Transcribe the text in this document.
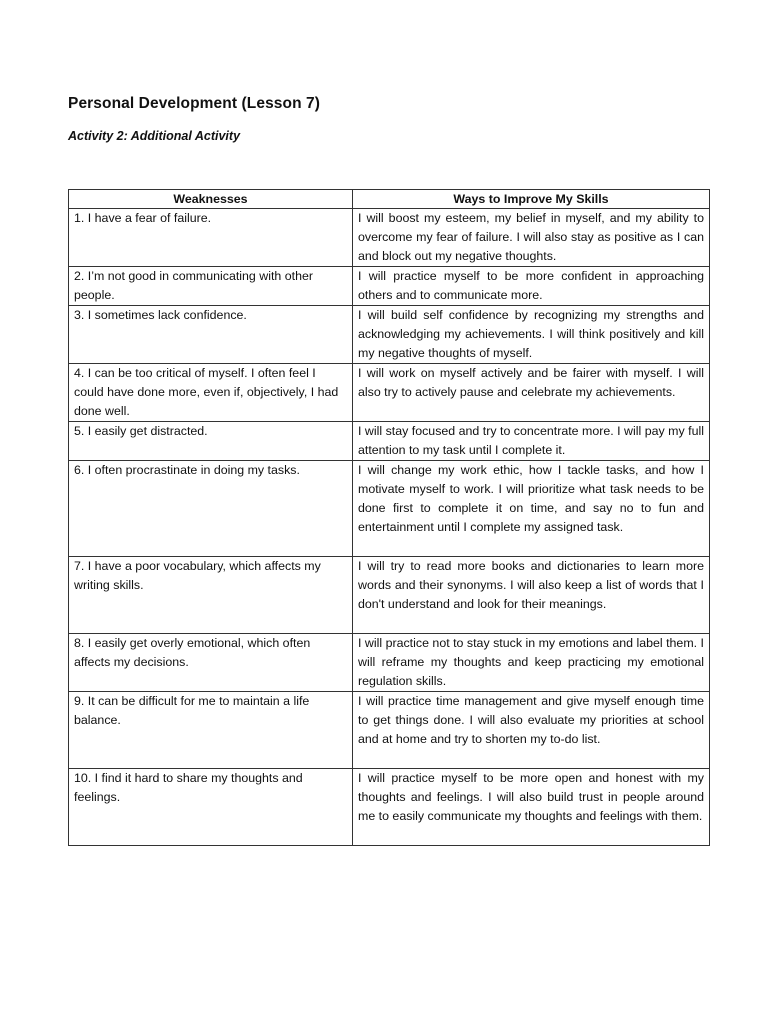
Personal Development (Lesson 7)
Activity 2: Additional Activity
Weaknesses	Ways to Improve My Skills
1. I have a fear of failure.	I will boost my esteem, my belief in myself, and my ability to overcome my fear of failure. I will also stay as positive as I can and block out my negative thoughts.
2. I’m not good in communicating with other people.	I will practice myself to be more confident in approaching others and to communicate more.
3. I sometimes lack confidence.	I will build self confidence by recognizing my strengths and acknowledging my achievements. I will think positively and kill my negative thoughts of myself.
4. I can be too critical of myself. I often feel I could have done more, even if, objectively, I had done well.	I will work on myself actively and be fairer with myself. I will also try to actively pause and celebrate my achievements.
5. I easily get distracted.	I will stay focused and try to concentrate more. I will pay my full attention to my task until I complete it.
6. I often procrastinate in doing my tasks.	I will change my work ethic, how I tackle tasks, and how I motivate myself to work. I will prioritize what task needs to be done first to complete it on time, and say no to fun and entertainment until I complete my assigned task.
7. I have a poor vocabulary, which affects my writing skills.	I will try to read more books and dictionaries to learn more words and their synonyms. I will also keep a list of words that I don't understand and look for their meanings.
8. I easily get overly emotional, which often affects my decisions.	I will practice not to stay stuck in my emotions and label them. I will reframe my thoughts and keep practicing my emotional regulation skills.
9. It can be difficult for me to maintain a life balance.	I will practice time management and give myself enough time to get things done. I will also evaluate my priorities at school and at home and try to shorten my to-do list.
10. I find it hard to share my thoughts and feelings.	I will practice myself to be more open and honest with my thoughts and feelings. I will also build trust in people around me to easily communicate my thoughts and feelings with them.
